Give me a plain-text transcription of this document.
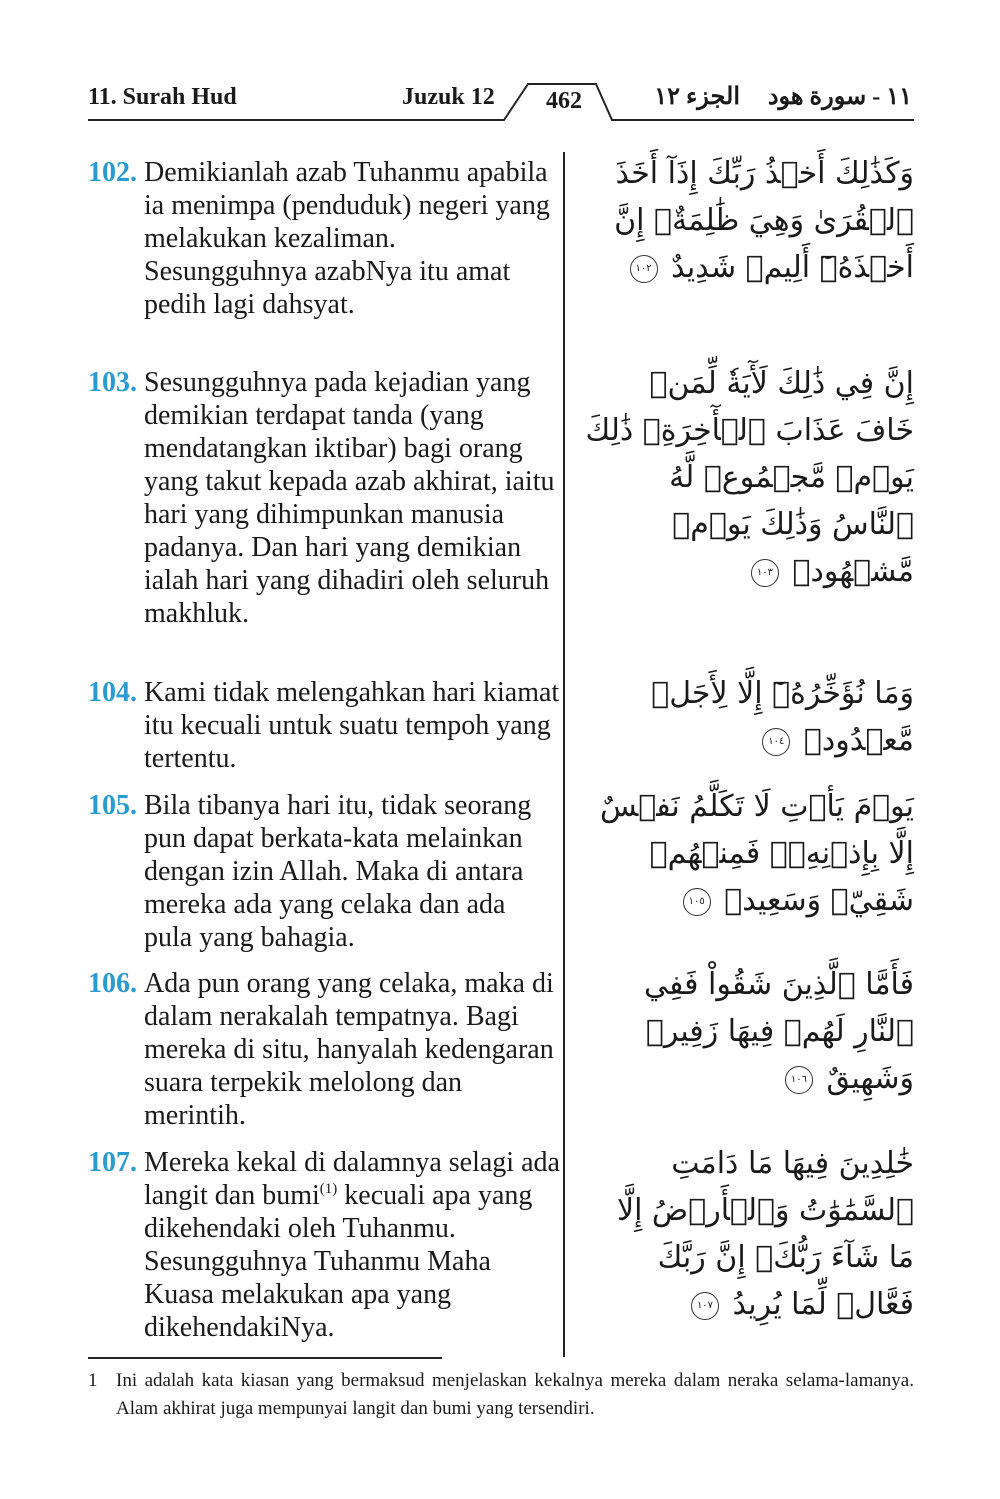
11. Surah Hud	Juzuk 12	462	الجزء ١٢ ١١ - سورة هود
102. Demikianlah azab Tuhanmu apabila ia menimpa (penduduk) negeri yang melakukan kezaliman. Sesungguhnya azabNya itu amat pedih lagi dahsyat.
وَكَذَٰلِكَ أَخۡذُ رَبِّكَ إِذَآ أَخَذَ ٱلۡقُرَىٰ وَهِيَ ظَٰلِمَةٌۚ إِنَّ أَخۡذَهُۥٓ أَلِيمٞ شَدِيدٌ ١٠٢
103. Sesungguhnya pada kejadian yang demikian terdapat tanda (yang mendatangkan iktibar) bagi orang yang takut kepada azab akhirat, iaitu hari yang dihimpunkan manusia padanya. Dan hari yang demikian ialah hari yang dihadiri oleh seluruh makhluk.
إِنَّ فِي ذَٰلِكَ لَأٓيَةٗ لِّمَنۡ خَافَ عَذَابَ ٱلۡأٓخِرَةِۚ ذَٰلِكَ يَوۡمٞ مَّجۡمُوعٞ لَّهُ ٱلنَّاسُ وَذَٰلِكَ يَوۡمٞ مَّشۡهُودٞ ١٠٣
104. Kami tidak melengahkan hari kiamat itu kecuali untuk suatu tempoh yang tertentu.
وَمَا نُؤَخِّرُهُۥٓ إِلَّا لِأَجَلٖ مَّعۡدُودٖ ١٠٤
105. Bila tibanya hari itu, tidak seorang pun dapat berkata-kata melainkan dengan izin Allah. Maka di antara mereka ada yang celaka dan ada pula yang bahagia.
يَوۡمَ يَأۡتِ لَا تَكَلَّمُ نَفۡسٌ إِلَّا بِإِذۡنِهِۦۚ فَمِنۡهُمۡ شَقِيّٞ وَسَعِيدٞ ١٠٥
106. Ada pun orang yang celaka, maka di dalam nerakalah tempatnya. Bagi mereka di situ, hanyalah kedengaran suara terpekik melolong dan merintih.
فَأَمَّا ٱلَّذِينَ شَقُواْ فَفِي ٱلنَّارِ لَهُمۡ فِيهَا زَفِيرٞ وَشَهِيقٌ ١٠٦
107. Mereka kekal di dalamnya selagi ada langit dan bumi$^{(1)}$ kecuali apa yang dikehendaki oleh Tuhanmu. Sesungguhnya Tuhanmu Maha Kuasa melakukan apa yang dikehendakiNya.
خَٰلِدِينَ فِيهَا مَا دَامَتِ ٱلسَّمَٰوَٰتُ وَٱلۡأَرۡضُ إِلَّا مَا شَآءَ رَبُّكَۚ إِنَّ رَبَّكَ فَعَّالٞ لِّمَا يُرِيدُ ١٠٧
1 Ini adalah kata kiasan yang bermaksud menjelaskan kekalnya mereka dalam neraka selama-lamanya. Alam akhirat juga mempunyai langit dan bumi yang tersendiri.
